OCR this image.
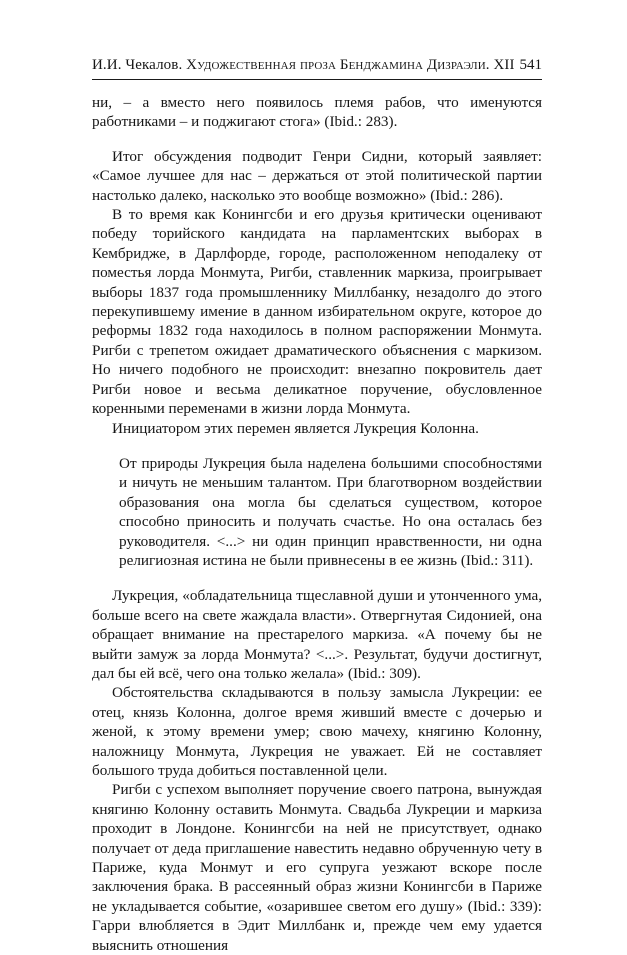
И.И. Чекалов. Художественная проза Бенджамина Дизраэли. XII 541

ни, – а вместо него появилось племя рабов, что именуются работниками – и поджигают стога» (Ibid.: 283).

Итог обсуждения подводит Генри Сидни, который заявляет: «Самое лучшее для нас – держаться от этой политической партии настолько далеко, насколько это вообще возможно» (Ibid.: 286).

В то время как Конингсби и его друзья критически оценивают победу торийского кандидата на парламентских выборах в Кембридже, в Дарлфорде, городе, расположенном неподалеку от поместья лорда Монмута, Ригби, ставленник маркиза, проигрывает выборы 1837 года промышленнику Миллбанку, незадолго до этого перекупившему имение в данном избирательном округе, которое до реформы 1832 года находилось в полном распоряжении Монмута. Ригби с трепетом ожидает драматического объяснения с маркизом. Но ничего подобного не происходит: внезапно покровитель дает Ригби новое и весьма деликатное поручение, обусловленное коренными переменами в жизни лорда Монмута.

Инициатором этих перемен является Лукреция Колонна.

От природы Лукреция была наделена большими способностями и ничуть не меньшим талантом. При благотворном воздействии образования она могла бы сделаться существом, которое способно приносить и получать счастье. Но она осталась без руководителя. <...> ни один принцип нравственности, ни одна религиозная истина не были привнесены в ее жизнь (Ibid.: 311).

Лукреция, «обладательница тщеславной души и утонченного ума, больше всего на свете жаждала власти». Отвергнутая Сидонией, она обращает внимание на престарелого маркиза. «А почему бы не выйти замуж за лорда Монмута? <...>. Результат, будучи достигнут, дал бы ей всё, чего она только желала» (Ibid.: 309).

Обстоятельства складываются в пользу замысла Лукреции: ее отец, князь Колонна, долгое время живший вместе с дочерью и женой, к этому времени умер; свою мачеху, княгиню Колонну, наложницу Монмута, Лукреция не уважает. Ей не составляет большого труда добиться поставленной цели.

Ригби с успехом выполняет поручение своего патрона, вынуждая княгиню Колонну оставить Монмута. Свадьба Лукреции и маркиза проходит в Лондоне. Конингсби на ней не присутствует, однако получает от деда приглашение навестить недавно обрученную чету в Париже, куда Монмут и его супруга уезжают вскоре после заключения брака. В рассеянный образ жизни Конингсби в Париже не укладывается событие, «озарившее светом его душу» (Ibid.: 339): Гарри влюбляется в Эдит Миллбанк и, прежде чем ему удается выяснить отношения
